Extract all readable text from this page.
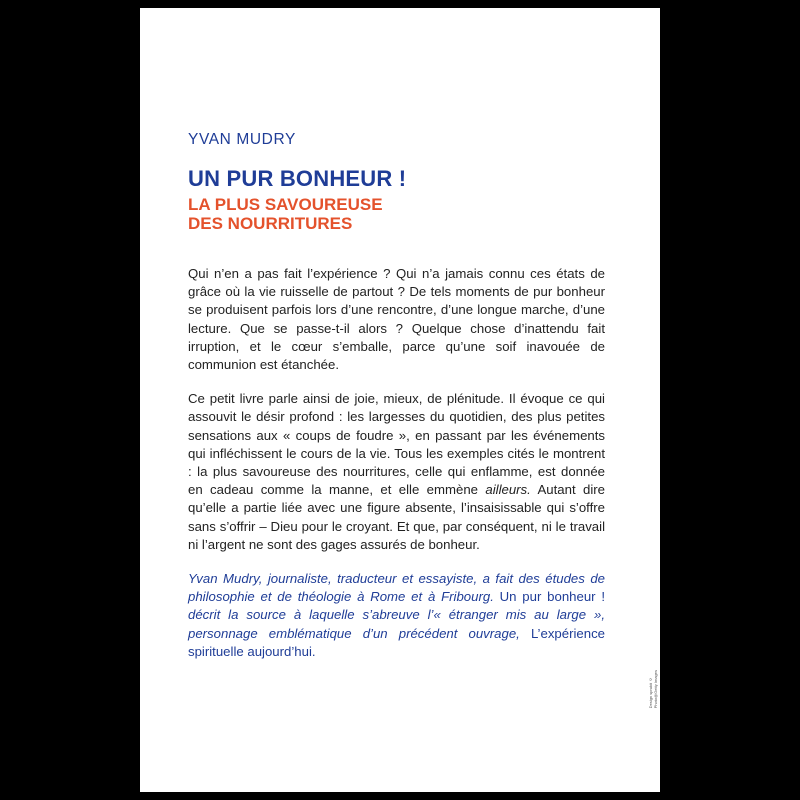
YVAN MUDRY
UN PUR BONHEUR !
LA PLUS SAVOUREUSE
DES NOURRITURES

Qui n’en a pas fait l’expérience ? Qui n’a jamais connu ces états de grâce où la vie ruisselle de partout ? De tels moments de pur bonheur se produisent parfois lors d’une rencontre, d’une longue marche, d’une lecture. Que se passe-t-il alors ? Quelque chose d’inattendu fait irruption, et le cœur s’emballe, parce qu’une soif inavouée de communion est étanchée.

Ce petit livre parle ainsi de joie, mieux, de plénitude. Il évoque ce qui assouvit le désir profond : les largesses du quotidien, des plus petites sensations aux « coups de foudre », en passant par les événements qui infléchissent le cours de la vie. Tous les exemples cités le montrent : la plus savoureuse des nourritures, celle qui enflamme, est donnée en cadeau comme la manne, et elle emmène ailleurs. Autant dire qu’elle a partie liée avec une figure absente, l’insaisissable qui s’offre sans s’offrir – Dieu pour le croyant. Et que, par conséquent, ni le travail ni l’argent ne sont des gages assurés de bonheur.

Yvan Mudry, journaliste, traducteur et essayiste, a fait des études de philosophie et de théologie à Rome et à Fribourg. Un pur bonheur ! décrit la source à laquelle s’abreuve l’« étranger mis au large », personnage emblématique d’un précédent ouvrage, L’expérience spirituelle aujourd’hui.

Design sprukit © Photo@Getty Images
